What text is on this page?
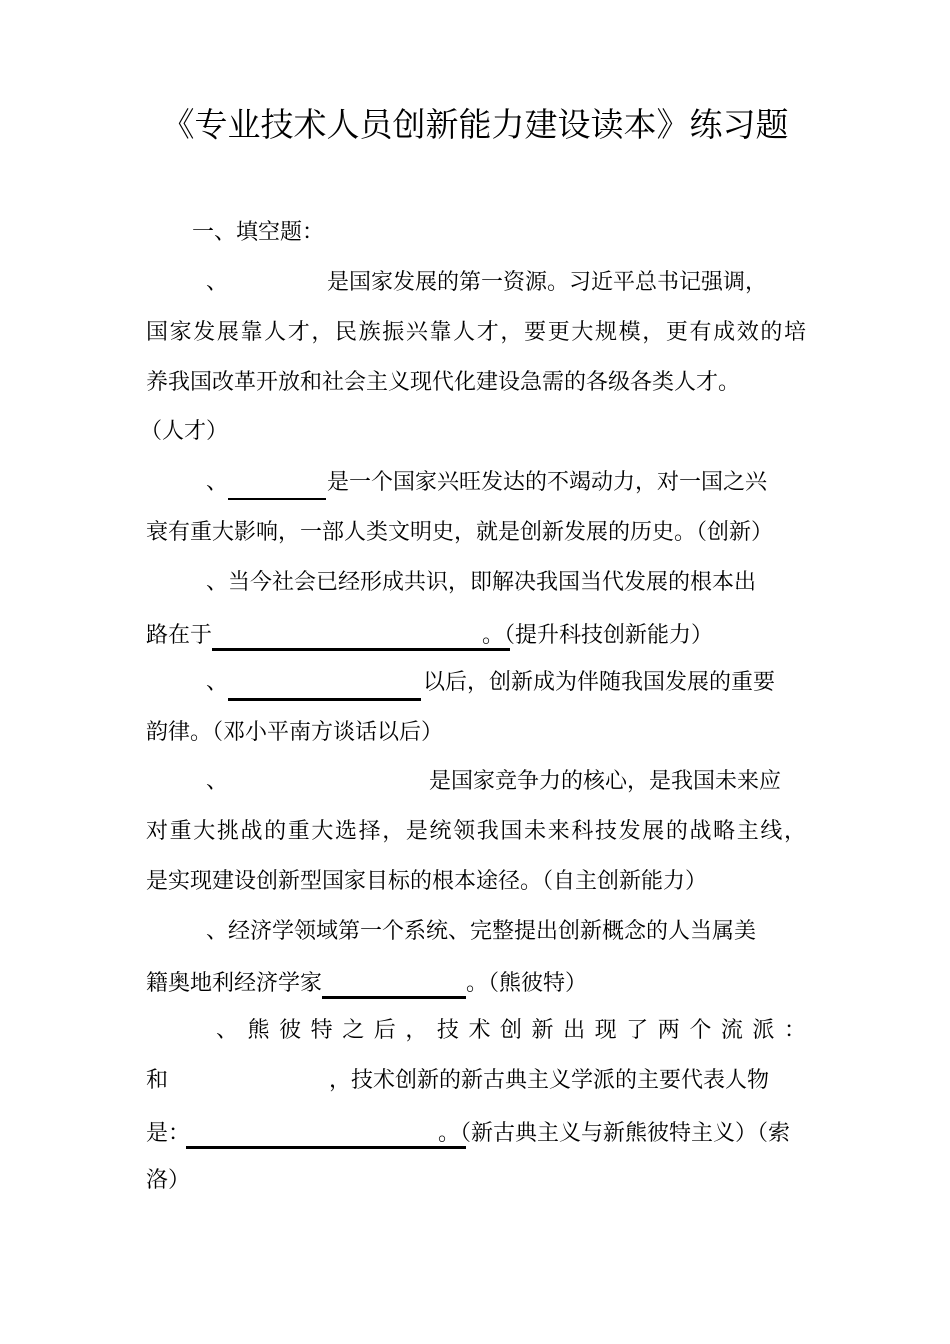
《专业技术人员创新能力建设读本》练习题
一、填空题：
、	是国家发展的第一资源。习近平总书记强调，
国家发展靠人才，民族振兴靠人才，要更大规模，更有成效的培
养我国改革开放和社会主义现代化建设急需的各级各类人才。
（人才）
、	是一个国家兴旺发达的不竭动力，对一国之兴
衰有重大影响，一部人类文明史，就是创新发展的历史。（创新）
、当今社会已经形成共识，即解决我国当代发展的根本出
路在于	。（提升科技创新能力）
、	以后，创新成为伴随我国发展的重要
韵律。（邓小平南方谈话以后）
、	是国家竞争力的核心，是我国未来应
对重大挑战的重大选择，是统领我国未来科技发展的战略主线，
是实现建设创新型国家目标的根本途径。（自主创新能力）
、经济学领域第一个系统、完整提出创新概念的人当属美
籍奥地利经济学家	。（熊彼特）
、熊彼特之后，技术创新出现了两个流派：
和	，技术创新的新古典主义学派的主要代表人物
是：	。（新古典主义与新熊彼特主义）（索
洛）
